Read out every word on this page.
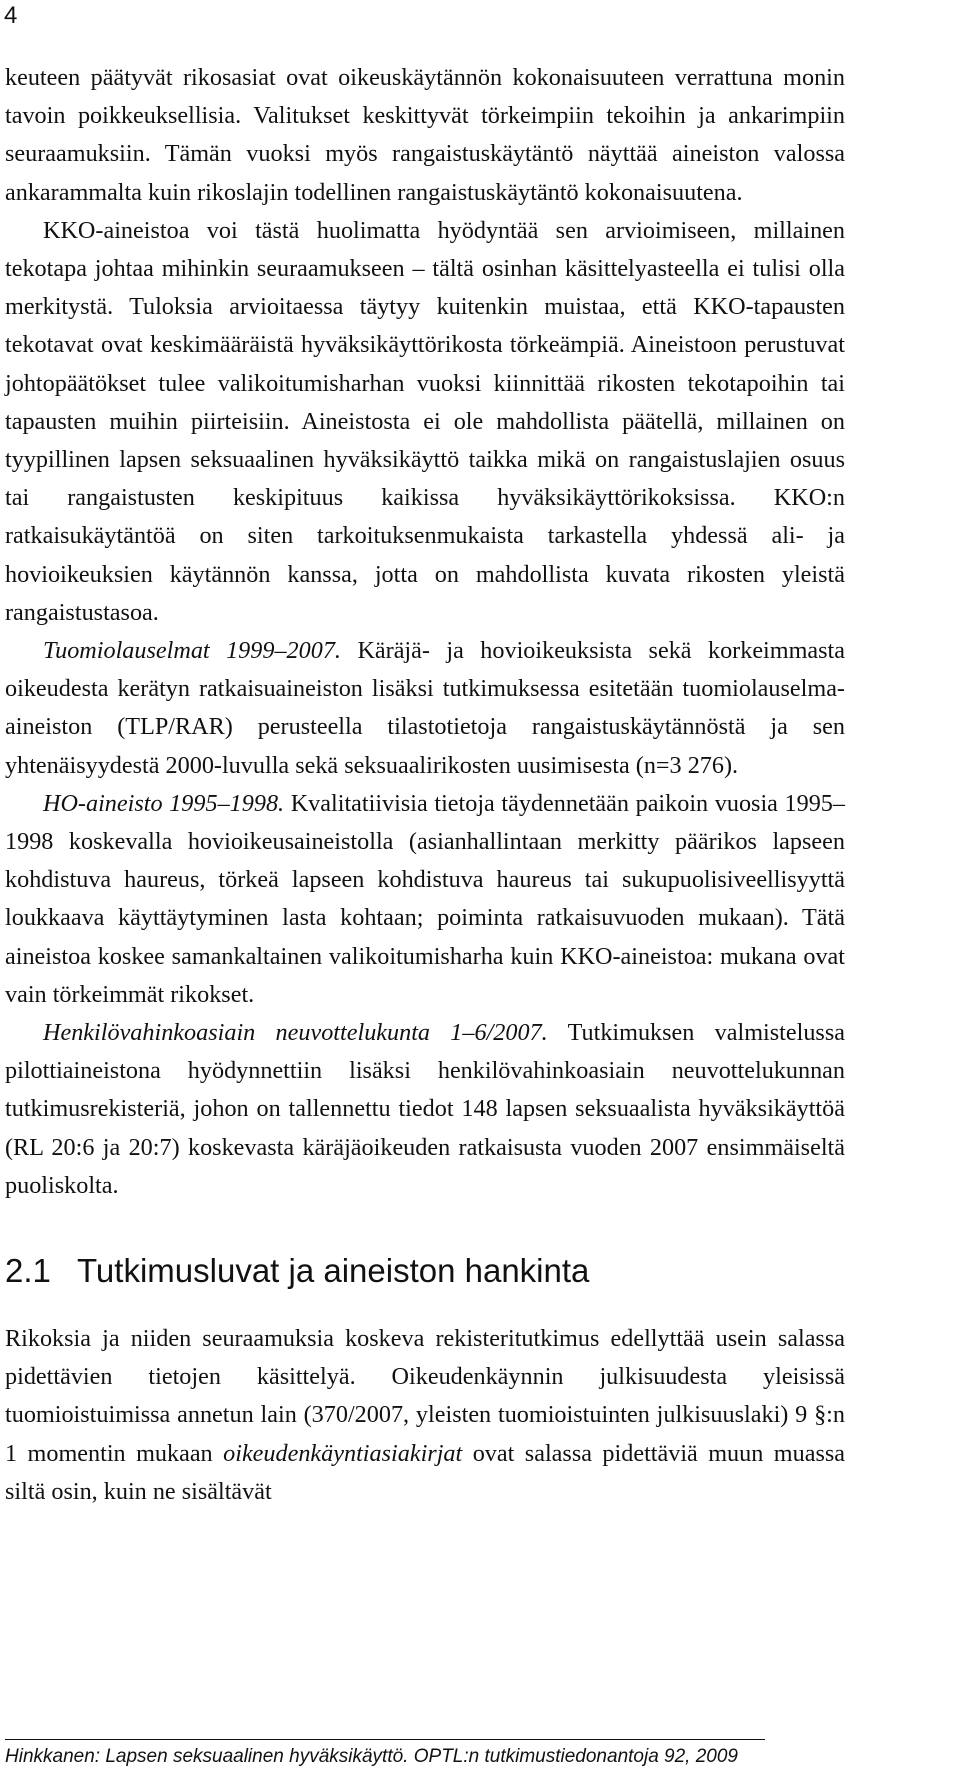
4

keuteen päätyvät rikosasiat ovat oikeuskäytännön kokonaisuuteen verrattuna monin tavoin poikkeuksellisia. Valitukset keskittyvät törkeimpiin tekoihin ja ankarimpiin seuraamuksiin. Tämän vuoksi myös rangaistuskäytäntö näyttää aineiston valossa ankarammalta kuin rikoslajin todellinen rangaistuskäytäntö kokonaisuutena.

KKO-aineistoa voi tästä huolimatta hyödyntää sen arvioimiseen, millainen tekotapa johtaa mihinkin seuraamukseen – tältä osinhan käsittelyasteella ei tulisi olla merkitystä. Tuloksia arvioitaessa täytyy kuitenkin muistaa, että KKO-tapausten tekotavat ovat keskimääräistä hyväksikäyttörikosta törkeämpiä. Aineistoon perustuvat johtopäätökset tulee valikoitumisharhan vuoksi kiinnittää rikosten tekotapoihin tai tapausten muihin piirteisiin. Aineistosta ei ole mahdollista päätellä, millainen on tyypillinen lapsen seksuaalinen hyväksikäyttö taikka mikä on rangaistuslajien osuus tai rangaistusten keskipituus kaikissa hyväksikäyttörikoksissa. KKO:n ratkaisukäytäntöä on siten tarkoituksenmukaista tarkastella yhdessä ali- ja hovioikeuksien käytännön kanssa, jotta on mahdollista kuvata rikosten yleistä rangaistustasoa.

Tuomiolauselmat 1999–2007. Käräjä- ja hovioikeuksista sekä korkeimmasta oikeudesta kerätyn ratkaisuaineiston lisäksi tutkimuksessa esitetään tuomiolauselma-aineiston (TLP/RAR) perusteella tilastotietoja rangaistuskäytännöstä ja sen yhtenäisyydestä 2000-luvulla sekä seksuaalirikosten uusimisesta (n=3 276).

HO-aineisto 1995–1998. Kvalitatiivisia tietoja täydennetään paikoin vuosia 1995–1998 koskevalla hovioikeusaineistolla (asianhallintaan merkitty päärikos lapseen kohdistuva haureus, törkeä lapseen kohdistuva haureus tai sukupuolisiveellisyyttä loukkaava käyttäytyminen lasta kohtaan; poiminta ratkaisuvuoden mukaan). Tätä aineistoa koskee samankaltainen valikoitumisharha kuin KKO-aineistoa: mukana ovat vain törkeimmät rikokset.

Henkilövahinkoasiain neuvottelukunta 1–6/2007. Tutkimuksen valmistelussa pilottiaineistona hyödynnettiin lisäksi henkilövahinkoasiain neuvottelukunnan tutkimusrekisteriä, johon on tallennettu tiedot 148 lapsen seksuaalista hyväksikäyttöä (RL 20:6 ja 20:7) koskevasta käräjäoikeuden ratkaisusta vuoden 2007 ensimmäiseltä puoliskolta.

2.1 Tutkimusluvat ja aineiston hankinta

Rikoksia ja niiden seuraamuksia koskeva rekisteritutkimus edellyttää usein salassa pidettävien tietojen käsittelyä. Oikeudenkäynnin julkisuudesta yleisissä tuomioistuimissa annetun lain (370/2007, yleisten tuomioistuinten julkisuuslaki) 9 §:n 1 momentin mukaan oikeudenkäyntiasiakirjat ovat salassa pidettäviä muun muassa siltä osin, kuin ne sisältävät

Hinkkanen: Lapsen seksuaalinen hyväksikäyttö. OPTL:n tutkimustiedonantoja 92, 2009
